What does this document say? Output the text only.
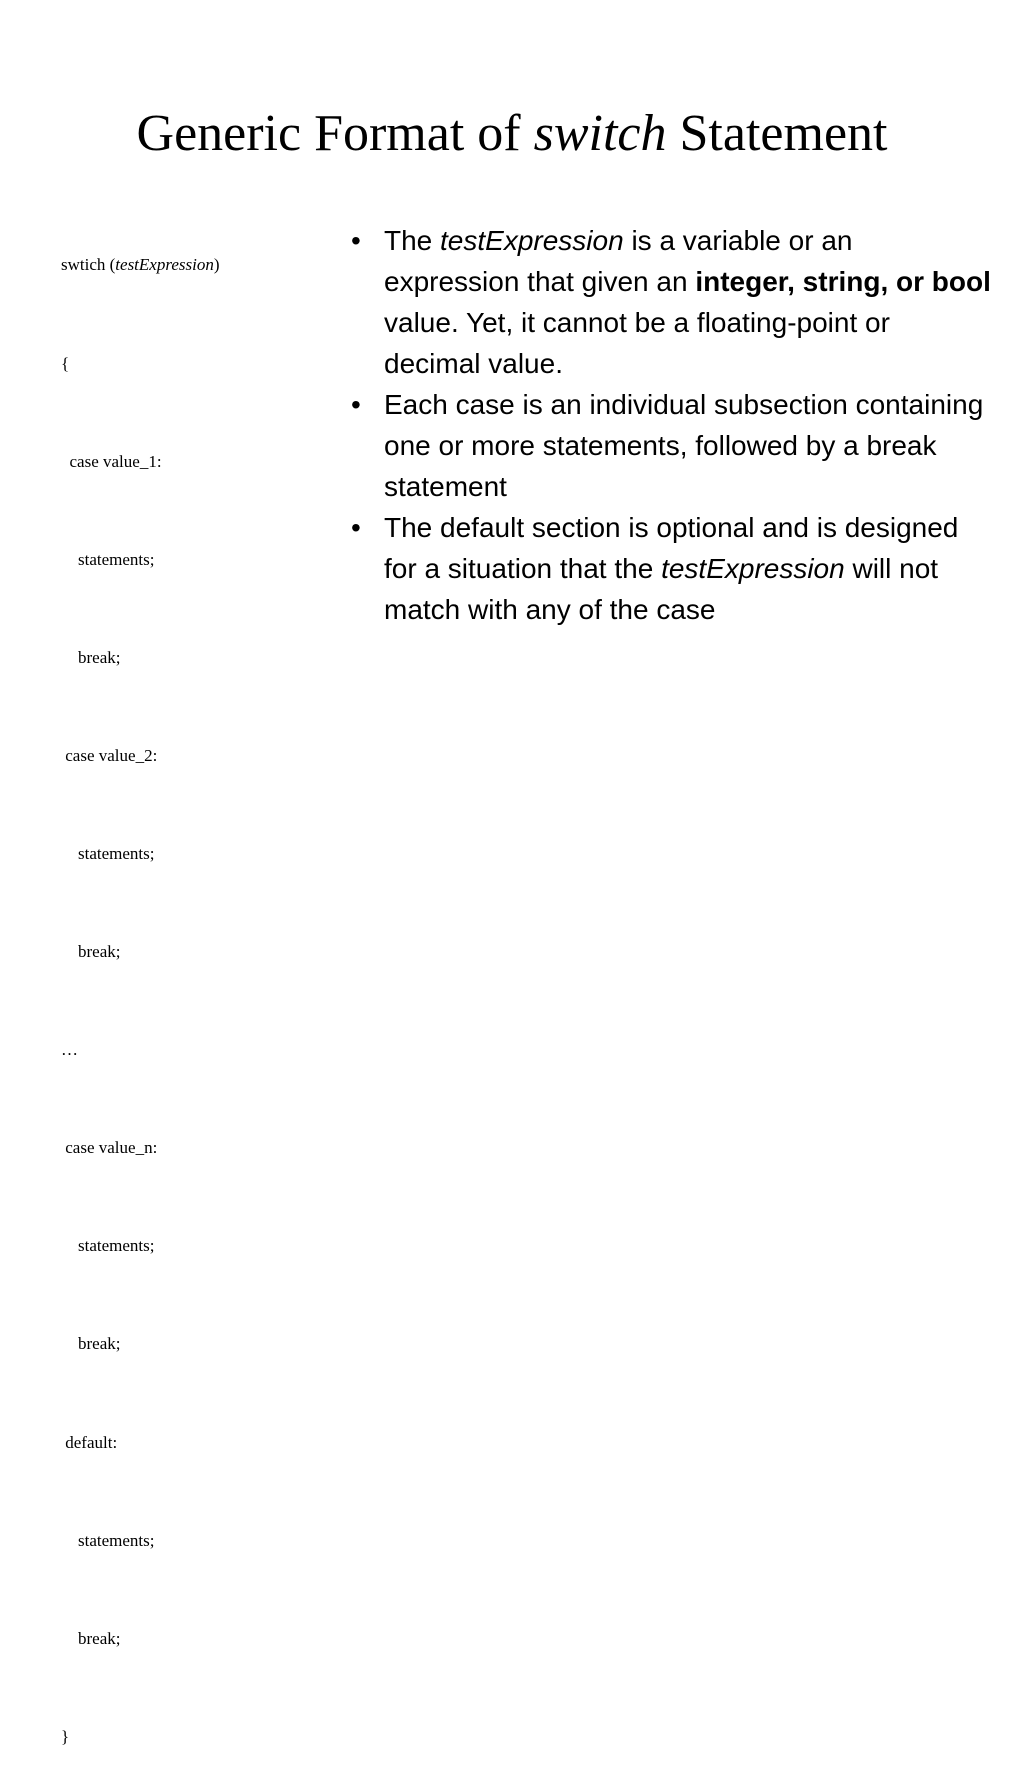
Generic Format of switch Statement

swtich (testExpression)

{

case value_1:

statements;

break;

case value_2:

statements;

break;

…

case value_n:

statements;

break;

default:

statements;

break;

}

• The testExpression is a variable or an expression that given an integer, string, or bool value. Yet, it cannot be a floating-point or decimal value.
• Each case is an individual subsection containing one or more statements, followed by a break statement
• The default section is optional and is designed for a situation that the testExpression will not match with any of the case
